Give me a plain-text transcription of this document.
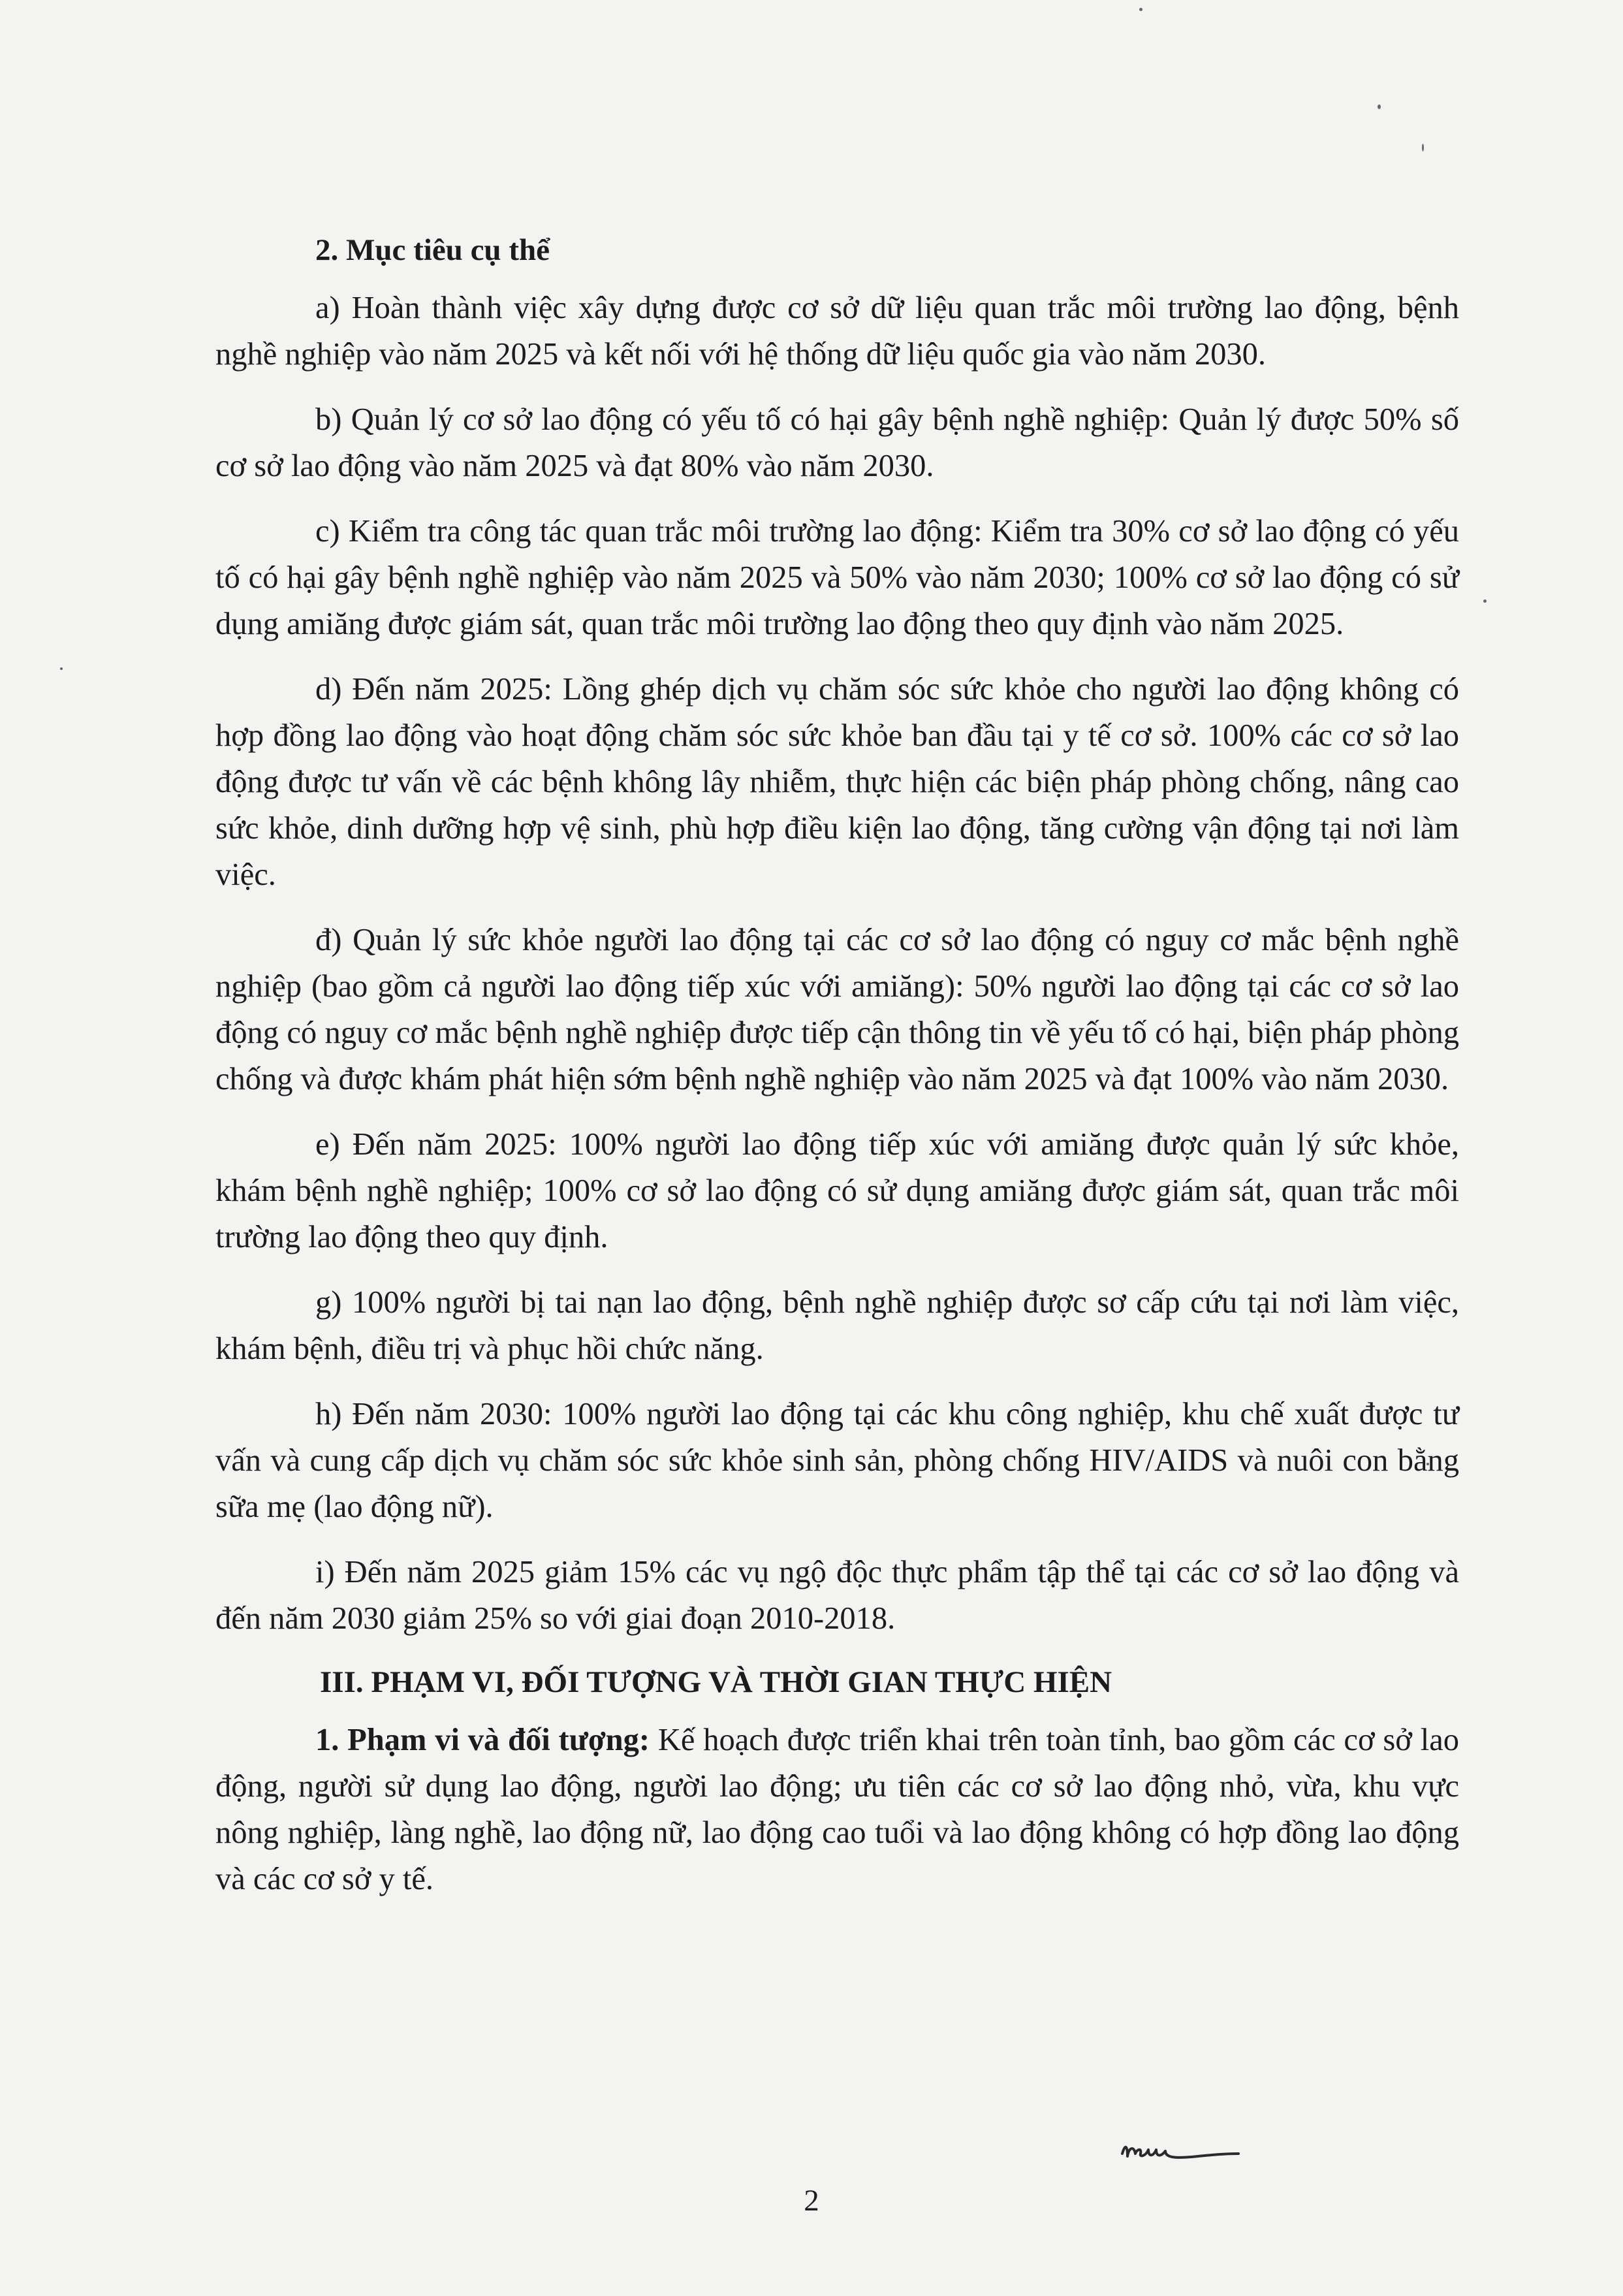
2. Mục tiêu cụ thể

a) Hoàn thành việc xây dựng được cơ sở dữ liệu quan trắc môi trường lao động, bệnh nghề nghiệp vào năm 2025 và kết nối với hệ thống dữ liệu quốc gia vào năm 2030.

b) Quản lý cơ sở lao động có yếu tố có hại gây bệnh nghề nghiệp: Quản lý được 50% số cơ sở lao động vào năm 2025 và đạt 80% vào năm 2030.

c) Kiểm tra công tác quan trắc môi trường lao động: Kiểm tra 30% cơ sở lao động có yếu tố có hại gây bệnh nghề nghiệp vào năm 2025 và 50% vào năm 2030; 100% cơ sở lao động có sử dụng amiăng được giám sát, quan trắc môi trường lao động theo quy định vào năm 2025.

d) Đến năm 2025: Lồng ghép dịch vụ chăm sóc sức khỏe cho người lao động không có hợp đồng lao động vào hoạt động chăm sóc sức khỏe ban đầu tại y tế cơ sở. 100% các cơ sở lao động được tư vấn về các bệnh không lây nhiễm, thực hiện các biện pháp phòng chống, nâng cao sức khỏe, dinh dưỡng hợp vệ sinh, phù hợp điều kiện lao động, tăng cường vận động tại nơi làm việc.

đ) Quản lý sức khỏe người lao động tại các cơ sở lao động có nguy cơ mắc bệnh nghề nghiệp (bao gồm cả người lao động tiếp xúc với amiăng): 50% người lao động tại các cơ sở lao động có nguy cơ mắc bệnh nghề nghiệp được tiếp cận thông tin về yếu tố có hại, biện pháp phòng chống và được khám phát hiện sớm bệnh nghề nghiệp vào năm 2025 và đạt 100% vào năm 2030.

e) Đến năm 2025: 100% người lao động tiếp xúc với amiăng được quản lý sức khỏe, khám bệnh nghề nghiệp; 100% cơ sở lao động có sử dụng amiăng được giám sát, quan trắc môi trường lao động theo quy định.

g) 100% người bị tai nạn lao động, bệnh nghề nghiệp được sơ cấp cứu tại nơi làm việc, khám bệnh, điều trị và phục hồi chức năng.

h) Đến năm 2030: 100% người lao động tại các khu công nghiệp, khu chế xuất được tư vấn và cung cấp dịch vụ chăm sóc sức khỏe sinh sản, phòng chống HIV/AIDS và nuôi con bằng sữa mẹ (lao động nữ).

i) Đến năm 2025 giảm 15% các vụ ngộ độc thực phẩm tập thể tại các cơ sở lao động và đến năm 2030 giảm 25% so với giai đoạn 2010-2018.

III. PHẠM VI, ĐỐI TƯỢNG VÀ THỜI GIAN THỰC HIỆN

1. Phạm vi và đối tượng: Kế hoạch được triển khai trên toàn tỉnh, bao gồm các cơ sở lao động, người sử dụng lao động, người lao động; ưu tiên các cơ sở lao động nhỏ, vừa, khu vực nông nghiệp, làng nghề, lao động nữ, lao động cao tuổi và lao động không có hợp đồng lao động và các cơ sở y tế.

2
